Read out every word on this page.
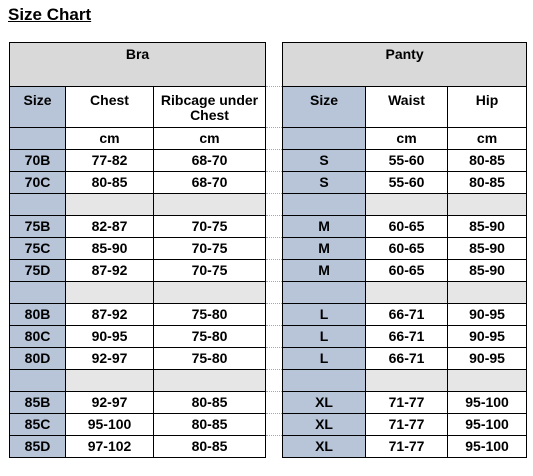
Size Chart
Bra				Panty		
Size	Chest	Ribcage under Chest		Size	Waist	Hip
	cm	cm			cm	cm
70B	77-82	68-70		S	55-60	80-85
70C	80-85	68-70		S	55-60	80-85

75B	82-87	70-75		M	60-65	85-90
75C	85-90	70-75		M	60-65	85-90
75D	87-92	70-75		M	60-65	85-90

80B	87-92	75-80		L	66-71	90-95
80C	90-95	75-80		L	66-71	90-95
80D	92-97	75-80		L	66-71	90-95

85B	92-97	80-85		XL	71-77	95-100
85C	95-100	80-85		XL	71-77	95-100
85D	97-102	80-85		XL	71-77	95-100
